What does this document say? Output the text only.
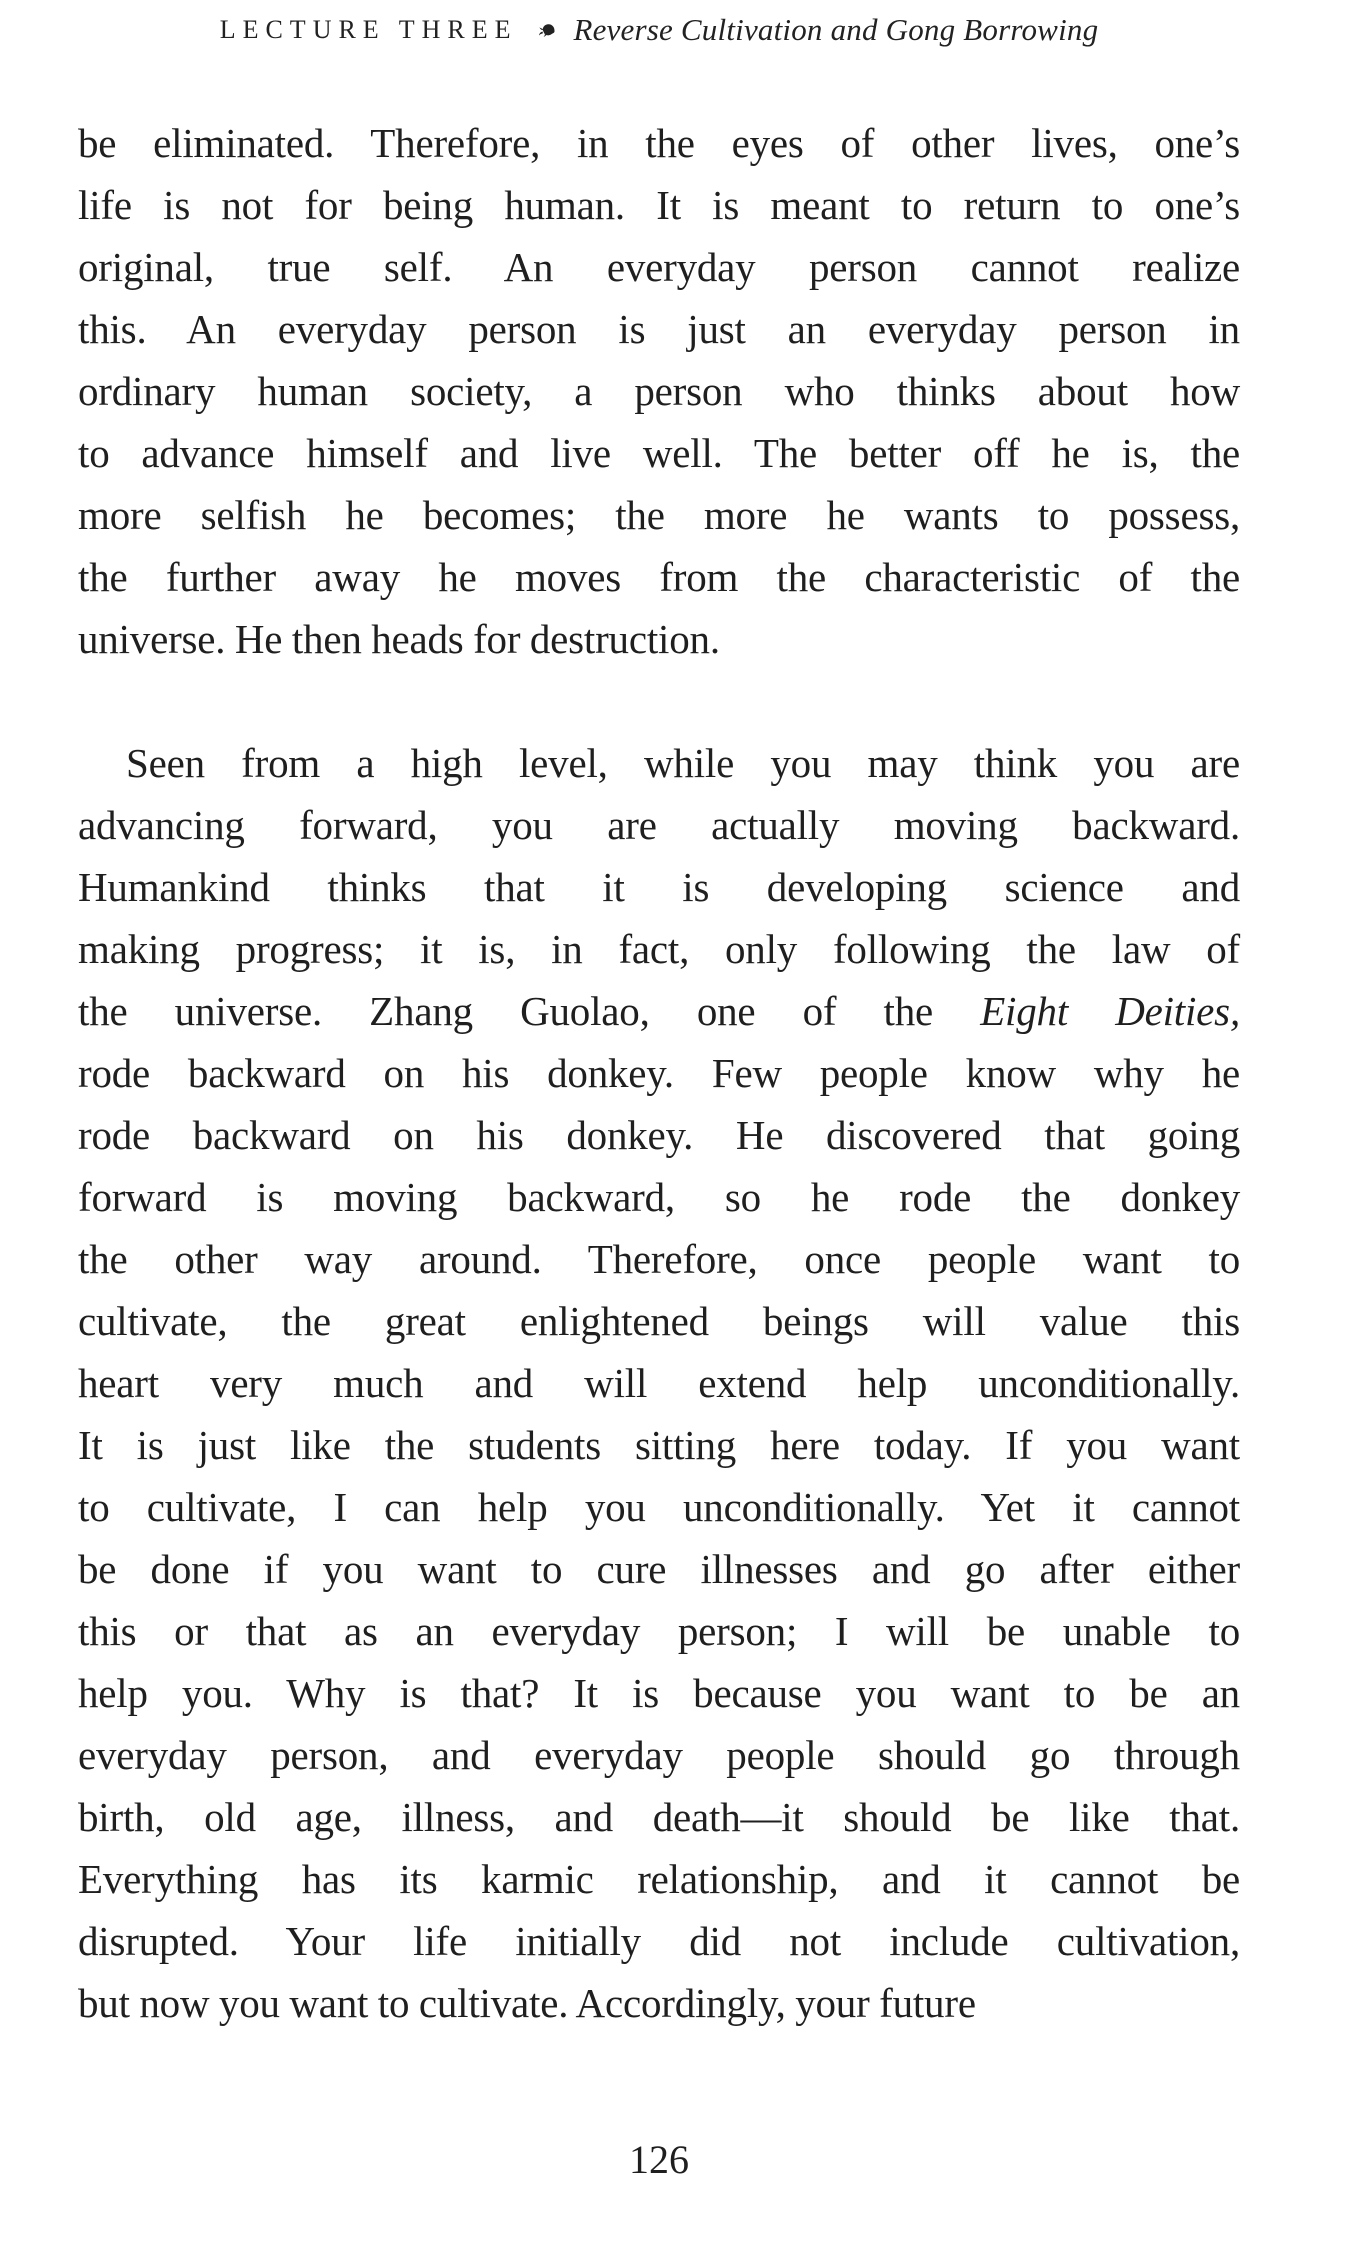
LECTURE THREE Reverse Cultivation and Gong Borrowing
be eliminated. Therefore, in the eyes of other lives, one’s
life is not for being human. It is meant to return to one’s
original, true self. An everyday person cannot realize
this. An everyday person is just an everyday person in
ordinary human society, a person who thinks about how
to advance himself and live well. The better off he is, the
more selfish he becomes; the more he wants to possess,
the further away he moves from the characteristic of the
universe. He then heads for destruction.
Seen from a high level, while you may think you are
advancing forward, you are actually moving backward.
Humankind thinks that it is developing science and
making progress; it is, in fact, only following the law of
the universe. Zhang Guolao, one of the Eight Deities,
rode backward on his donkey. Few people know why he
rode backward on his donkey. He discovered that going
forward is moving backward, so he rode the donkey
the other way around. Therefore, once people want to
cultivate, the great enlightened beings will value this
heart very much and will extend help unconditionally.
It is just like the students sitting here today. If you want
to cultivate, I can help you unconditionally. Yet it cannot
be done if you want to cure illnesses and go after either
this or that as an everyday person; I will be unable to
help you. Why is that? It is because you want to be an
everyday person, and everyday people should go through
birth, old age, illness, and death—it should be like that.
Everything has its karmic relationship, and it cannot be
disrupted. Your life initially did not include cultivation,
but now you want to cultivate. Accordingly, your future
126
